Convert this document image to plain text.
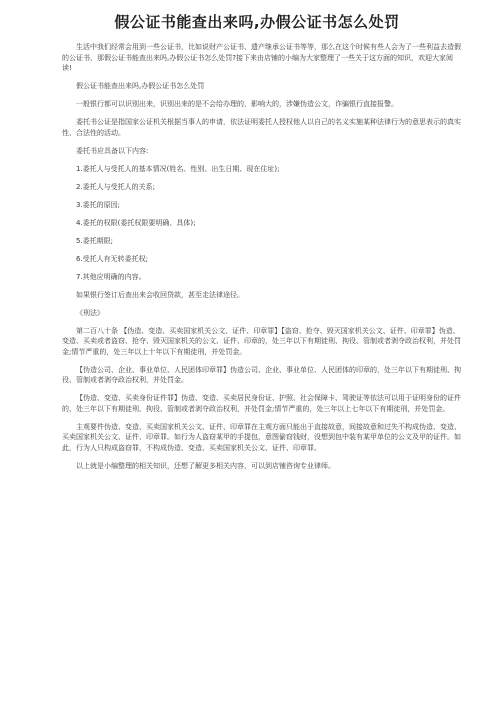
假公证书能查出来吗,办假公证书怎么处罚

生活中我们经常会用到一些公证书，比如说财产公证书、遗产继承公证书等等，那么在这个时候有些人会为了一些利益去造假的公证书，那假公证书能查出来吗,办假公证书怎么处罚?接下来由店铺的小编为大家整理了一些关于这方面的知识，欢迎大家阅读!

假公证书能查出来吗,办假公证书怎么处罚

一般银行都可以识别出来，识别出来的是不会给办理的，影响大的，涉嫌伪造公文，诈骗银行直接报警。

委托书公证是指国家公证机关根据当事人的申请，依法证明委托人授权他人以自己的名义实施某种法律行为的意思表示的真实性、合法性的活动。

委托书应具备以下内容:

1.委托人与受托人的基本情况(姓名、性别、出生日期、现在住址);

2.委托人与受托人的关系;

3.委托的原因;

4.委托的权限(委托权限要明确、具体);

5.委托期限;

6.受托人有无转委托权;

7.其他应明确的内容。

如果银行签订后查出来会收回贷款，甚至走法律途径。

《刑法》

第二百八十条 【伪造、变造、买卖国家机关公文、证件、印章罪】【盗窃、抢夺、毁灭国家机关公文、证件、印章罪】伪造、变造、买卖或者盗窃、抢夺、毁灭国家机关的公文、证件、印章的，处三年以下有期徒刑、拘役、管制或者剥夺政治权利，并处罚金;情节严重的，处三年以上十年以下有期徒刑，并处罚金。

【伪造公司、企业、事业单位、人民团体印章罪】伪造公司、企业、事业单位、人民团体的印章的，处三年以下有期徒刑、拘役、管制或者剥夺政治权利，并处罚金。

【伪造、变造、买卖身份证件罪】伪造、变造、买卖居民身份证、护照、社会保障卡、驾驶证等依法可以用于证明身份的证件的，处三年以下有期徒刑、拘役、管制或者剥夺政治权利，并处罚金;情节严重的，处三年以上七年以下有期徒刑，并处罚金。

主观要件伪造、变造、买卖国家机关公文、证件、印章罪在主观方面只能出于直接故意，间接故意和过失不构成伪造、变造、买卖国家机关公文、证件、印章罪。如行为人盗窃某甲的手提包，意图偷窃钱财，没想到包中装有某甲单位的公文及甲的证件。如此，行为人只构成盗窃罪，不构成伪造、变造、买卖国家机关公文、证件、印章罪。

以上就是小编整理的相关知识，还想了解更多相关内容，可以到店铺咨询专业律师。
